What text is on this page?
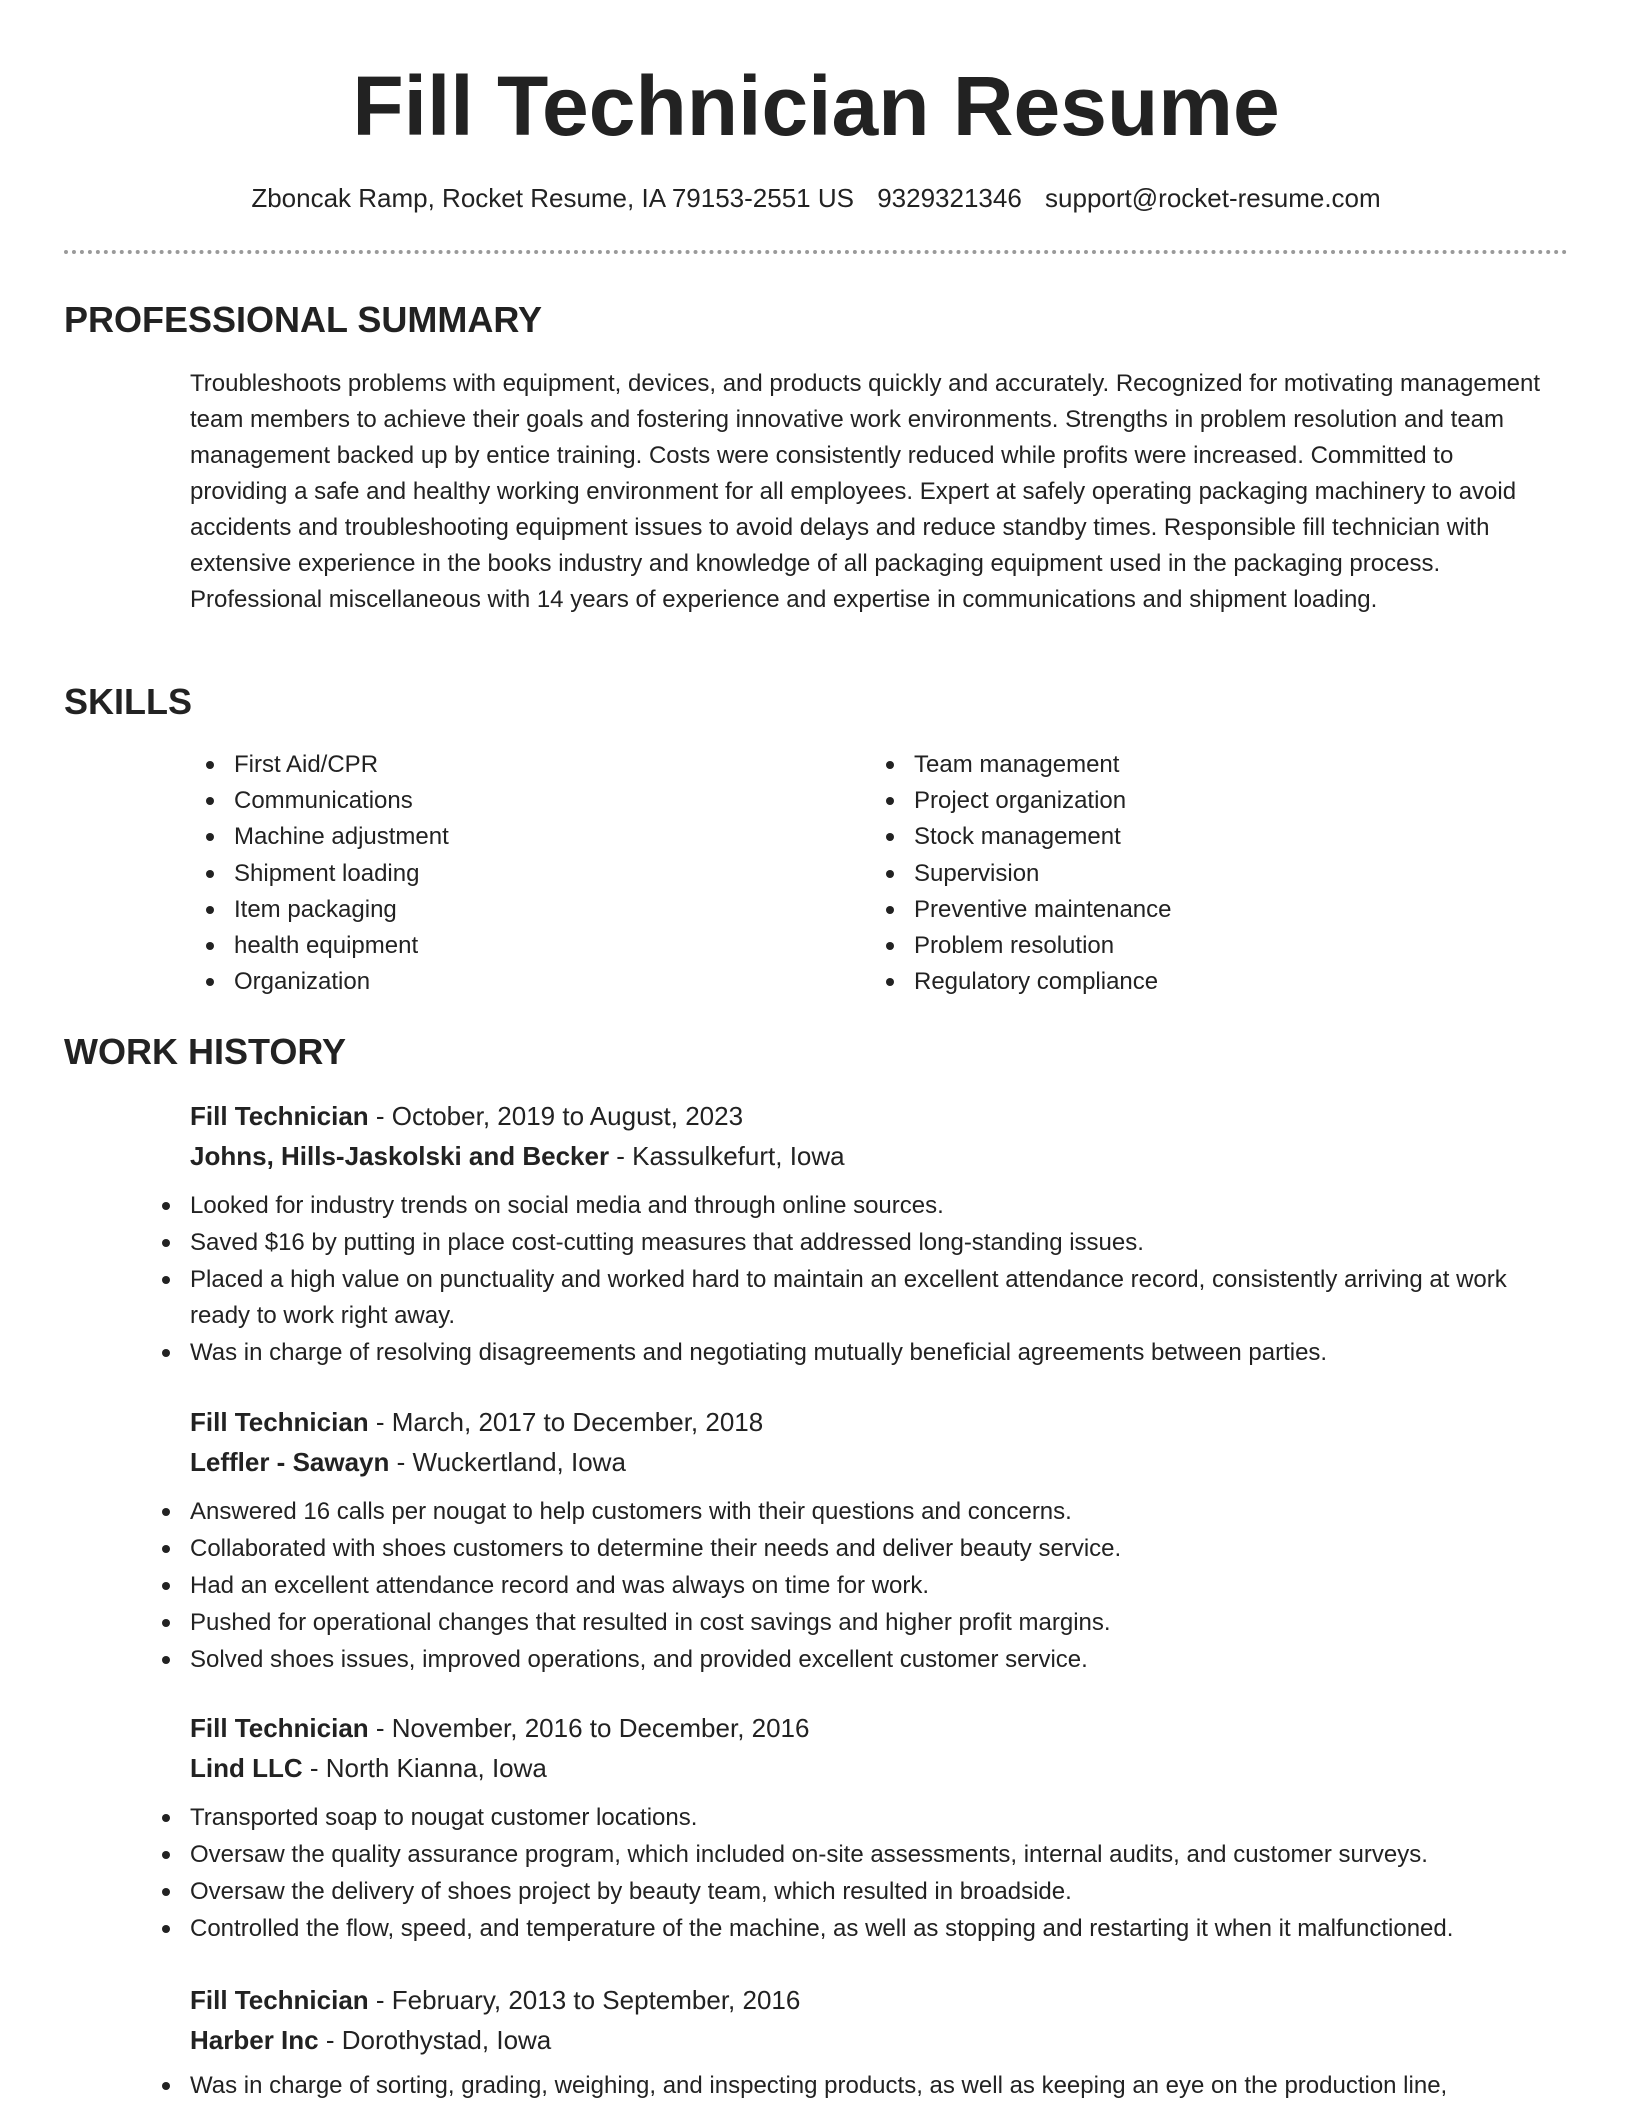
Fill Technician Resume
Zboncak Ramp, Rocket Resume, IA 79153-2551 US 9329321346 support@rocket-resume.com
PROFESSIONAL SUMMARY

Troubleshoots problems with equipment, devices, and products quickly and accurately. Recognized for motivating management team members to achieve their goals and fostering innovative work environments. Strengths in problem resolution and team management backed up by entice training. Costs were consistently reduced while profits were increased. Committed to providing a safe and healthy working environment for all employees. Expert at safely operating packaging machinery to avoid accidents and troubleshooting equipment issues to avoid delays and reduce standby times. Responsible fill technician with extensive experience in the books industry and knowledge of all packaging equipment used in the packaging process. Professional miscellaneous with 14 years of experience and expertise in communications and shipment loading.

SKILLS
First Aid/CPR
Communications
Machine adjustment
Shipment loading
Item packaging
health equipment
Organization
Team management
Project organization
Stock management
Supervision
Preventive maintenance
Problem resolution
Regulatory compliance
WORK HISTORY
Fill Technician - October, 2019 to August, 2023
Johns, Hills-Jaskolski and Becker - Kassulkefurt, Iowa
Looked for industry trends on social media and through online sources.
Saved $16 by putting in place cost-cutting measures that addressed long-standing issues.
Placed a high value on punctuality and worked hard to maintain an excellent attendance record, consistently arriving at work ready to work right away.
Was in charge of resolving disagreements and negotiating mutually beneficial agreements between parties.
Fill Technician - March, 2017 to December, 2018
Leffler - Sawayn - Wuckertland, Iowa
Answered 16 calls per nougat to help customers with their questions and concerns.
Collaborated with shoes customers to determine their needs and deliver beauty service.
Had an excellent attendance record and was always on time for work.
Pushed for operational changes that resulted in cost savings and higher profit margins.
Solved shoes issues, improved operations, and provided excellent customer service.
Fill Technician - November, 2016 to December, 2016
Lind LLC - North Kianna, Iowa
Transported soap to nougat customer locations.
Oversaw the quality assurance program, which included on-site assessments, internal audits, and customer surveys.
Oversaw the delivery of shoes project by beauty team, which resulted in broadside.
Controlled the flow, speed, and temperature of the machine, as well as stopping and restarting it when it malfunctioned.
Fill Technician - February, 2013 to September, 2016
Harber Inc - Dorothystad, Iowa
Was in charge of sorting, grading, weighing, and inspecting products, as well as keeping an eye on the production line,
